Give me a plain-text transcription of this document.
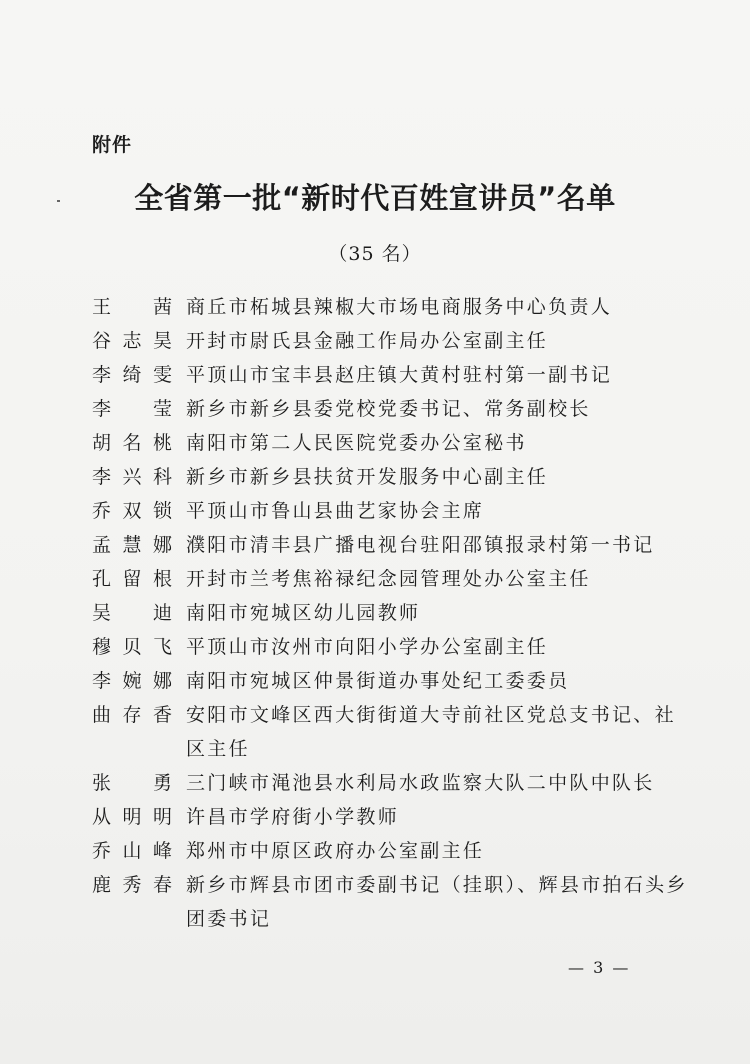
附件
全省第一批“新时代百姓宣讲员”名单
（35 名）
王 茜 商丘市柘城县辣椒大市场电商服务中心负责人
谷志昊 开封市尉氏县金融工作局办公室副主任
李绮雯 平顶山市宝丰县赵庄镇大黄村驻村第一副书记
李 莹 新乡市新乡县委党校党委书记、常务副校长
胡名桃 南阳市第二人民医院党委办公室秘书
李兴科 新乡市新乡县扶贫开发服务中心副主任
乔双锁 平顶山市鲁山县曲艺家协会主席
孟慧娜 濮阳市清丰县广播电视台驻阳邵镇报录村第一书记
孔留根 开封市兰考焦裕禄纪念园管理处办公室主任
吴 迪 南阳市宛城区幼儿园教师
穆贝飞 平顶山市汝州市向阳小学办公室副主任
李婉娜 南阳市宛城区仲景街道办事处纪工委委员
曲存香 安阳市文峰区西大街街道大寺前社区党总支书记、社区主任
张 勇 三门峡市渑池县水利局水政监察大队二中队中队长
从明明 许昌市学府街小学教师
乔山峰 郑州市中原区政府办公室副主任
鹿秀春 新乡市辉县市团市委副书记（挂职）、辉县市拍石头乡团委书记
— 3 —
